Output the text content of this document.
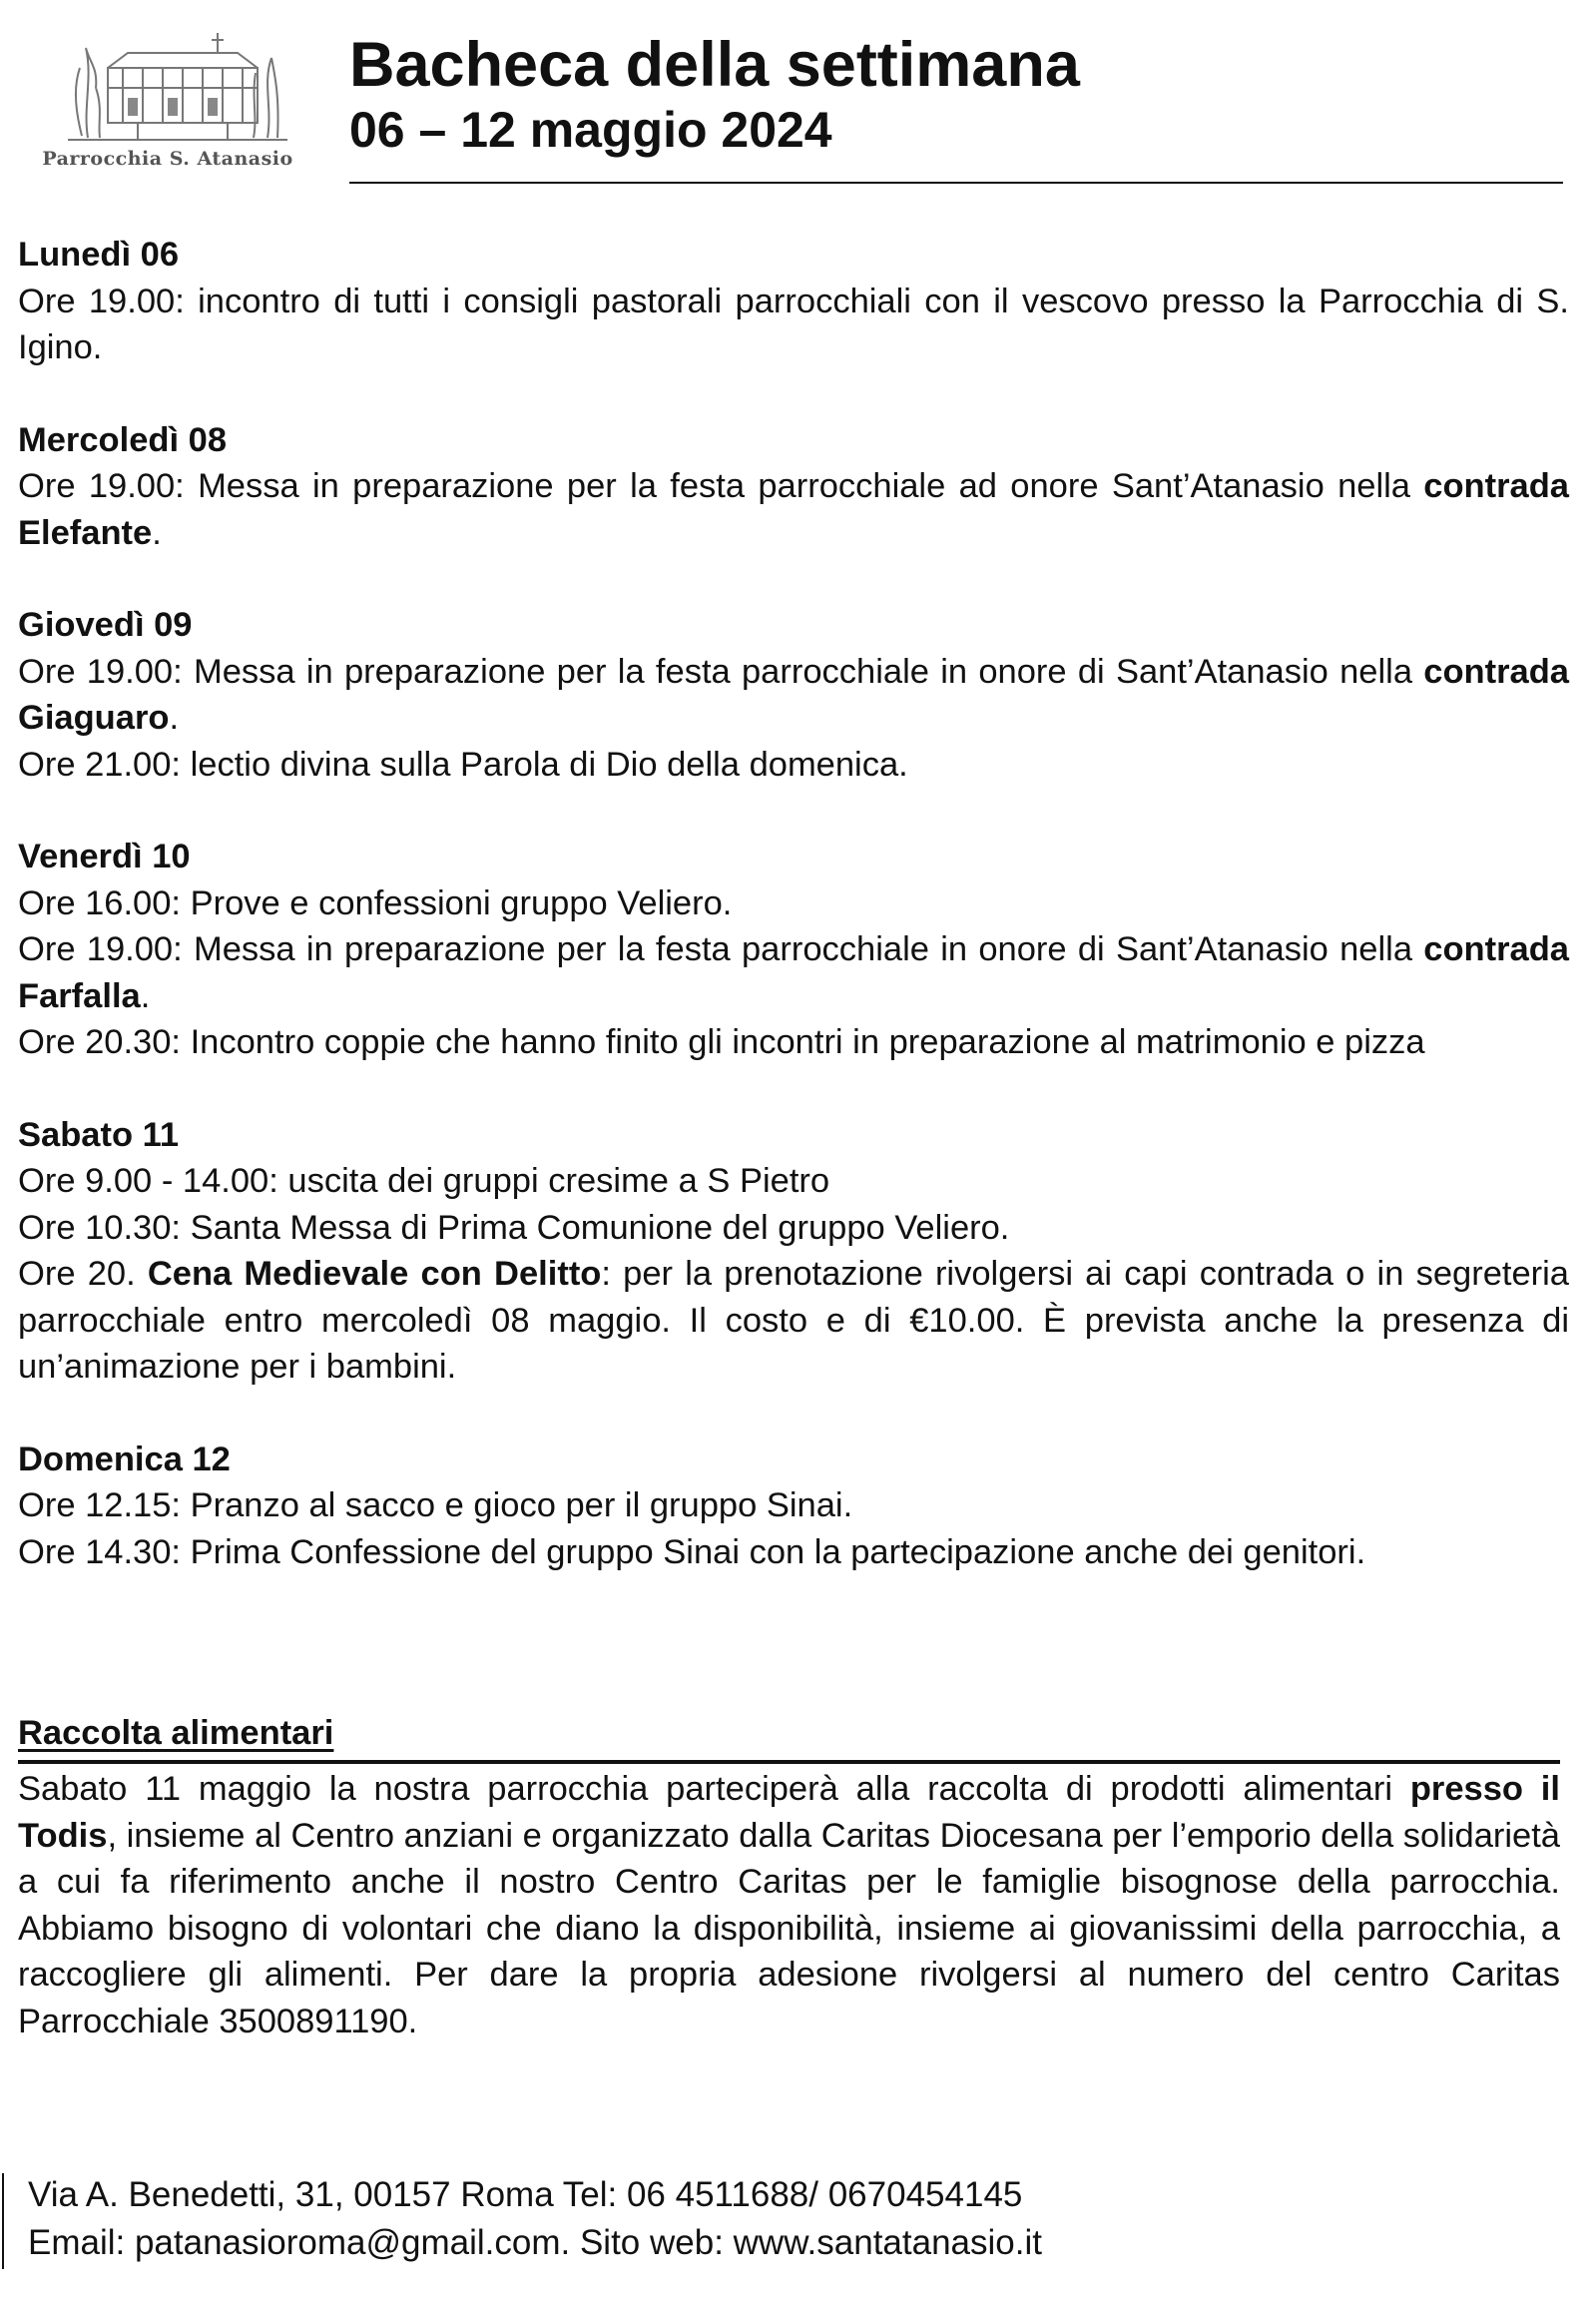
Parrocchia S. Atanasio

Bacheca della settimana

06 – 12 maggio 2024

Lunedì 06

Ore 19.00: incontro di tutti i consigli pastorali parrocchiali con il vescovo presso la Parrocchia di S. Igino.

Mercoledì 08

Ore 19.00: Messa in preparazione per la festa parrocchiale ad onore Sant’Atanasio nella contrada Elefante.

Giovedì 09

Ore 19.00: Messa in preparazione per la festa parrocchiale in onore di Sant’Atanasio nella contrada Giaguaro.

Ore 21.00: lectio divina sulla Parola di Dio della domenica.

Venerdì 10

Ore 16.00: Prove e confessioni gruppo Veliero.

Ore 19.00: Messa in preparazione per la festa parrocchiale in onore di Sant’Atanasio nella contrada Farfalla.

Ore 20.30: Incontro coppie che hanno finito gli incontri in preparazione al matrimonio e pizza

Sabato 11

Ore 9.00 - 14.00: uscita dei gruppi cresime a S Pietro

Ore 10.30: Santa Messa di Prima Comunione del gruppo Veliero.

Ore 20. Cena Medievale con Delitto: per la prenotazione rivolgersi ai capi contrada o in segreteria parrocchiale entro mercoledì 08 maggio. Il costo e di €10.00. È prevista anche la presenza di un’animazione per i bambini.

Domenica 12

Ore 12.15: Pranzo al sacco e gioco per il gruppo Sinai.

Ore 14.30: Prima Confessione del gruppo Sinai con la partecipazione anche dei genitori.

Raccolta alimentari

Sabato 11 maggio la nostra parrocchia parteciperà alla raccolta di prodotti alimentari presso il Todis, insieme al Centro anziani e organizzato dalla Caritas Diocesana per l’emporio della solidarietà a cui fa riferimento anche il nostro Centro Caritas per le famiglie bisognose della parrocchia. Abbiamo bisogno di volontari che diano la disponibilità, insieme ai giovanissimi della parrocchia, a raccogliere gli alimenti. Per dare la propria adesione rivolgersi al numero del centro Caritas Parrocchiale 3500891190.

Via A. Benedetti, 31, 00157 Roma Tel: 06 4511688/ 0670454145
Email: patanasioroma@gmail.com. Sito web: www.santatanasio.it
